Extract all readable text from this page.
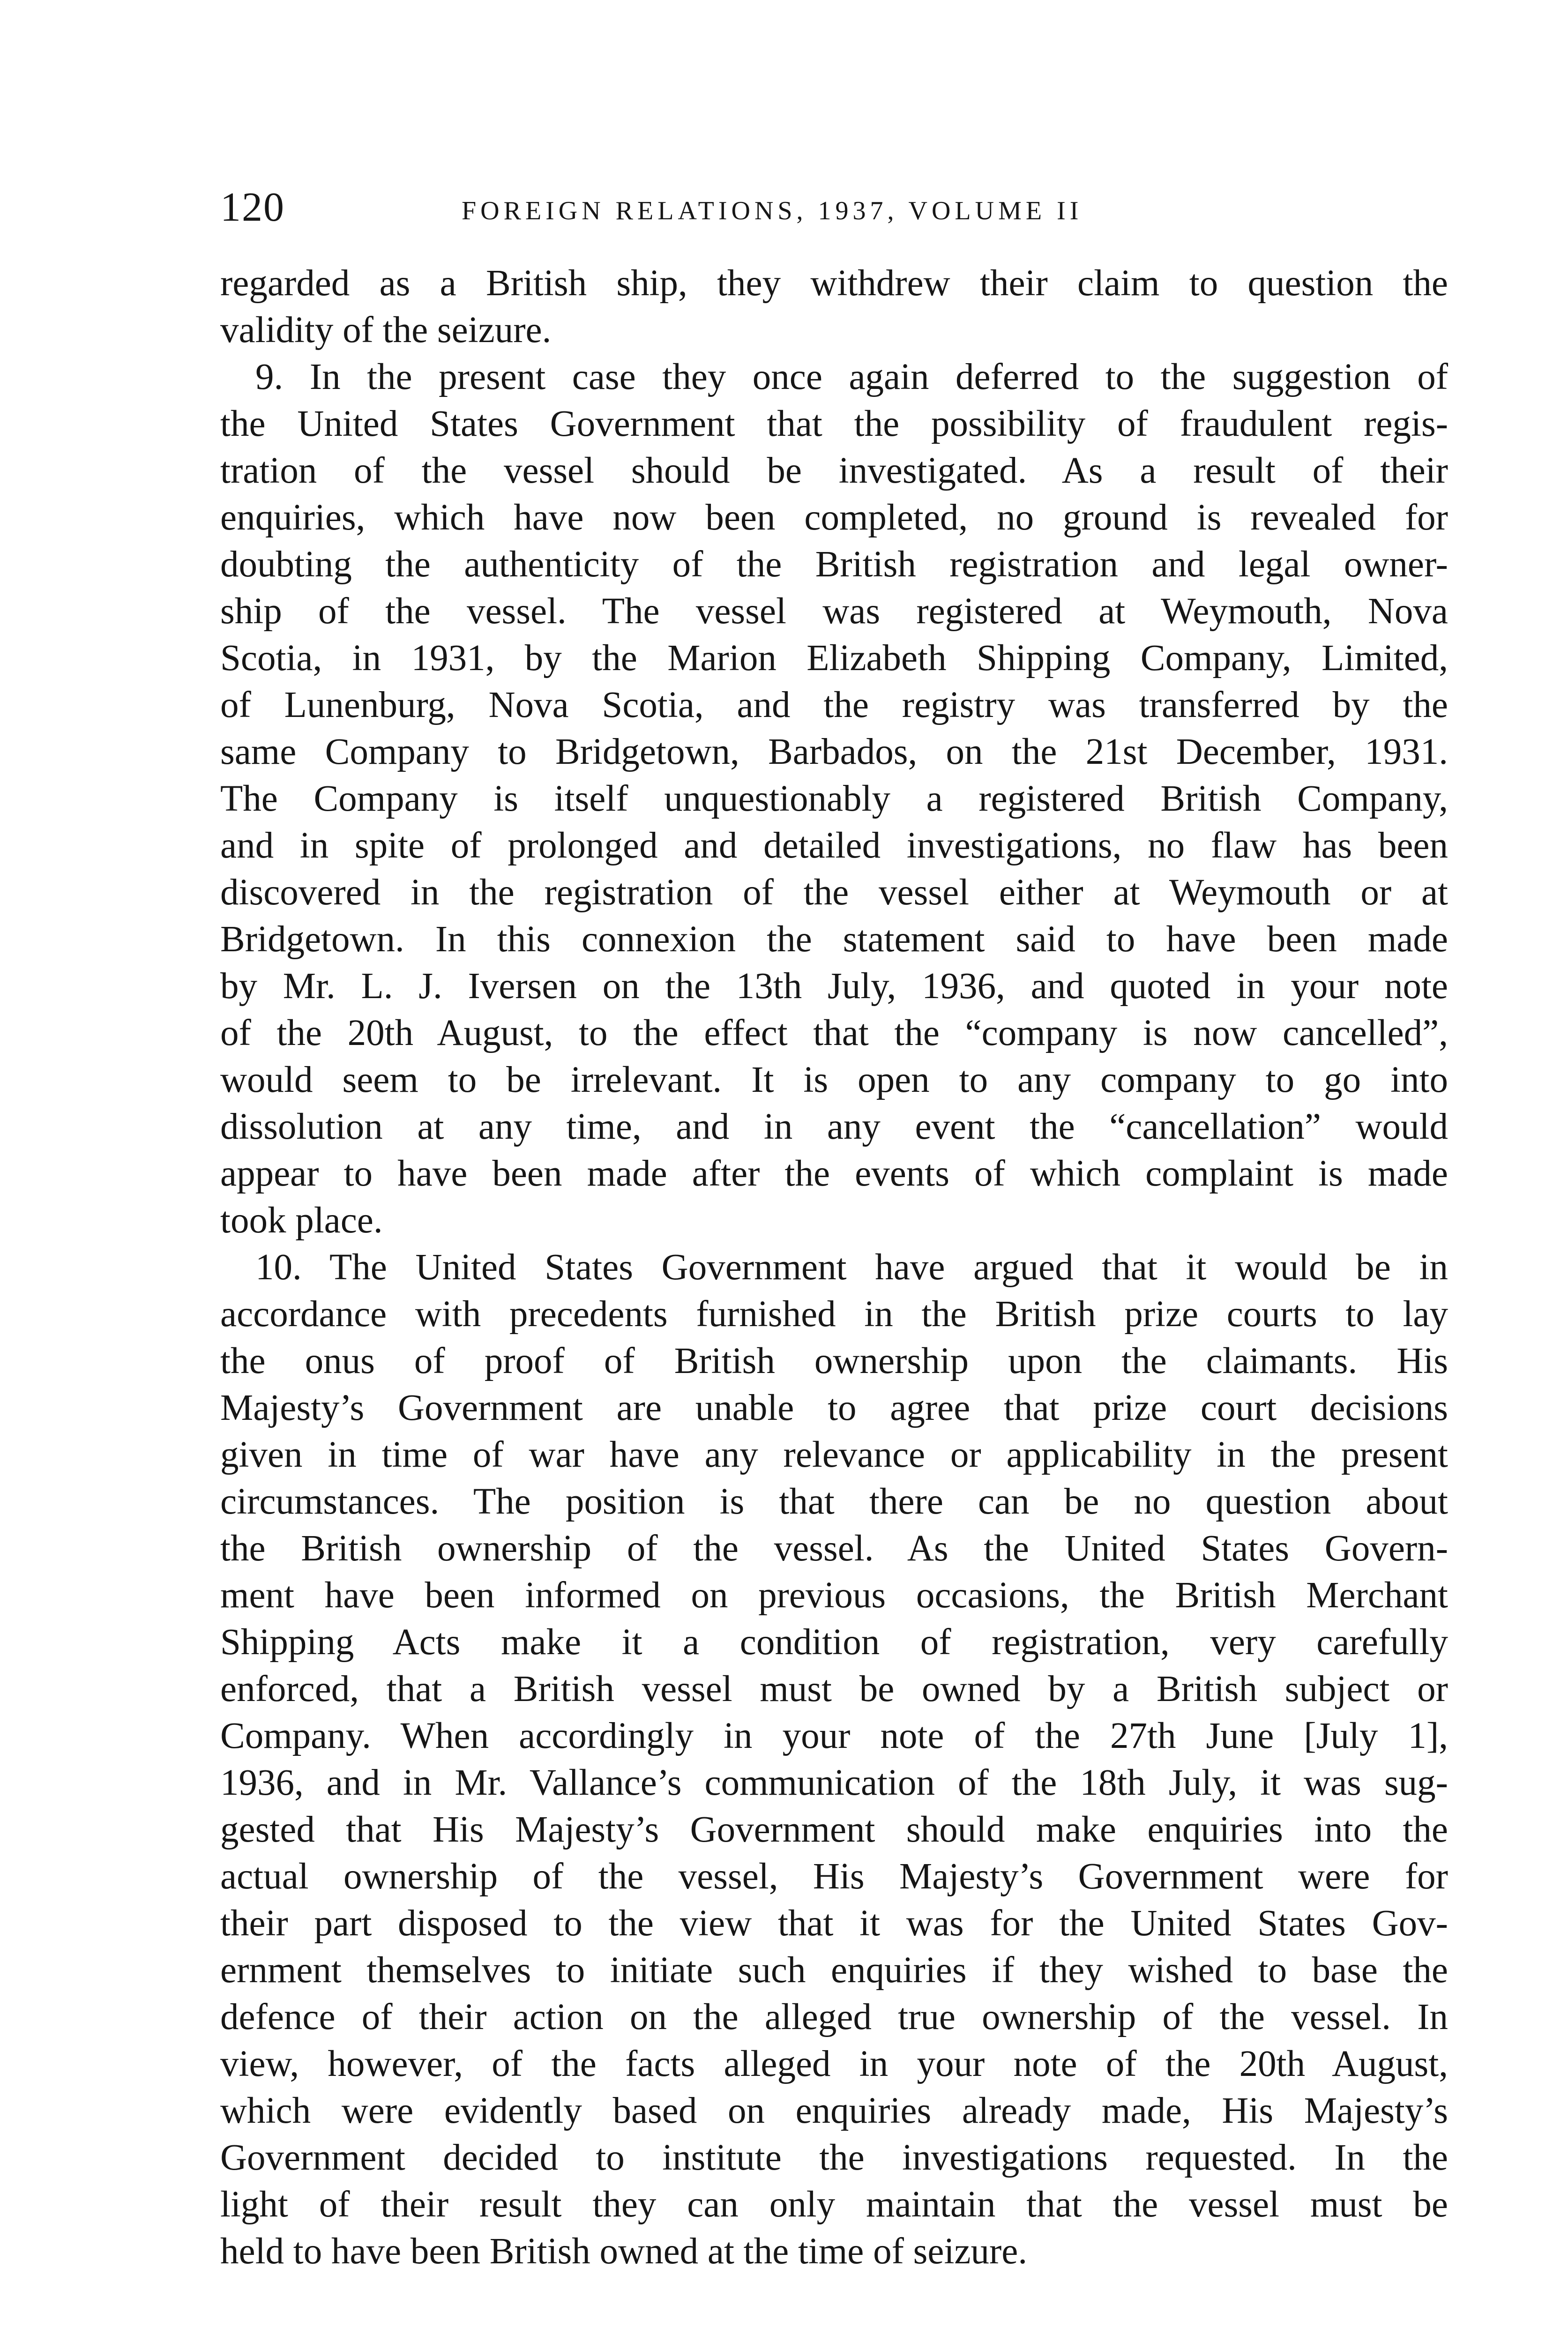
120	FOREIGN RELATIONS, 1937, VOLUME II
regarded as a British ship, they withdrew their claim to question the
validity of the seizure.
9. In the present case they once again deferred to the suggestion of
the United States Government that the possibility of fraudulent regis-
tration of the vessel should be investigated. As a result of their
enquiries, which have now been completed, no ground is revealed for
doubting the authenticity of the British registration and legal owner-
ship of the vessel. The vessel was registered at Weymouth, Nova
Scotia, in 1931, by the Marion Elizabeth Shipping Company, Limited,
of Lunenburg, Nova Scotia, and the registry was transferred by the
same Company to Bridgetown, Barbados, on the 21st December, 1931.
The Company is itself unquestionably a registered British Company,
and in spite of prolonged and detailed investigations, no flaw has been
discovered in the registration of the vessel either at Weymouth or at
Bridgetown. In this connexion the statement said to have been made
by Mr. L. J. Iversen on the 13th July, 1936, and quoted in your note
of the 20th August, to the effect that the “company is now cancelled”,
would seem to be irrelevant. It is open to any company to go into
dissolution at any time, and in any event the “cancellation” would
appear to have been made after the events of which complaint is made
took place.
10. The United States Government have argued that it would be in
accordance with precedents furnished in the British prize courts to lay
the onus of proof of British ownership upon the claimants. His
Majesty’s Government are unable to agree that prize court decisions
given in time of war have any relevance or applicability in the present
circumstances. The position is that there can be no question about
the British ownership of the vessel. As the United States Govern-
ment have been informed on previous occasions, the British Merchant
Shipping Acts make it a condition of registration, very carefully
enforced, that a British vessel must be owned by a British subject or
Company. When accordingly in your note of the 27th June [July 1],
1936, and in Mr. Vallance’s communication of the 18th July, it was sug-
gested that His Majesty’s Government should make enquiries into the
actual ownership of the vessel, His Majesty’s Government were for
their part disposed to the view that it was for the United States Gov-
ernment themselves to initiate such enquiries if they wished to base the
defence of their action on the alleged true ownership of the vessel. In
view, however, of the facts alleged in your note of the 20th August,
which were evidently based on enquiries already made, His Majesty’s
Government decided to institute the investigations requested. In the
light of their result they can only maintain that the vessel must be
held to have been British owned at the time of seizure.
